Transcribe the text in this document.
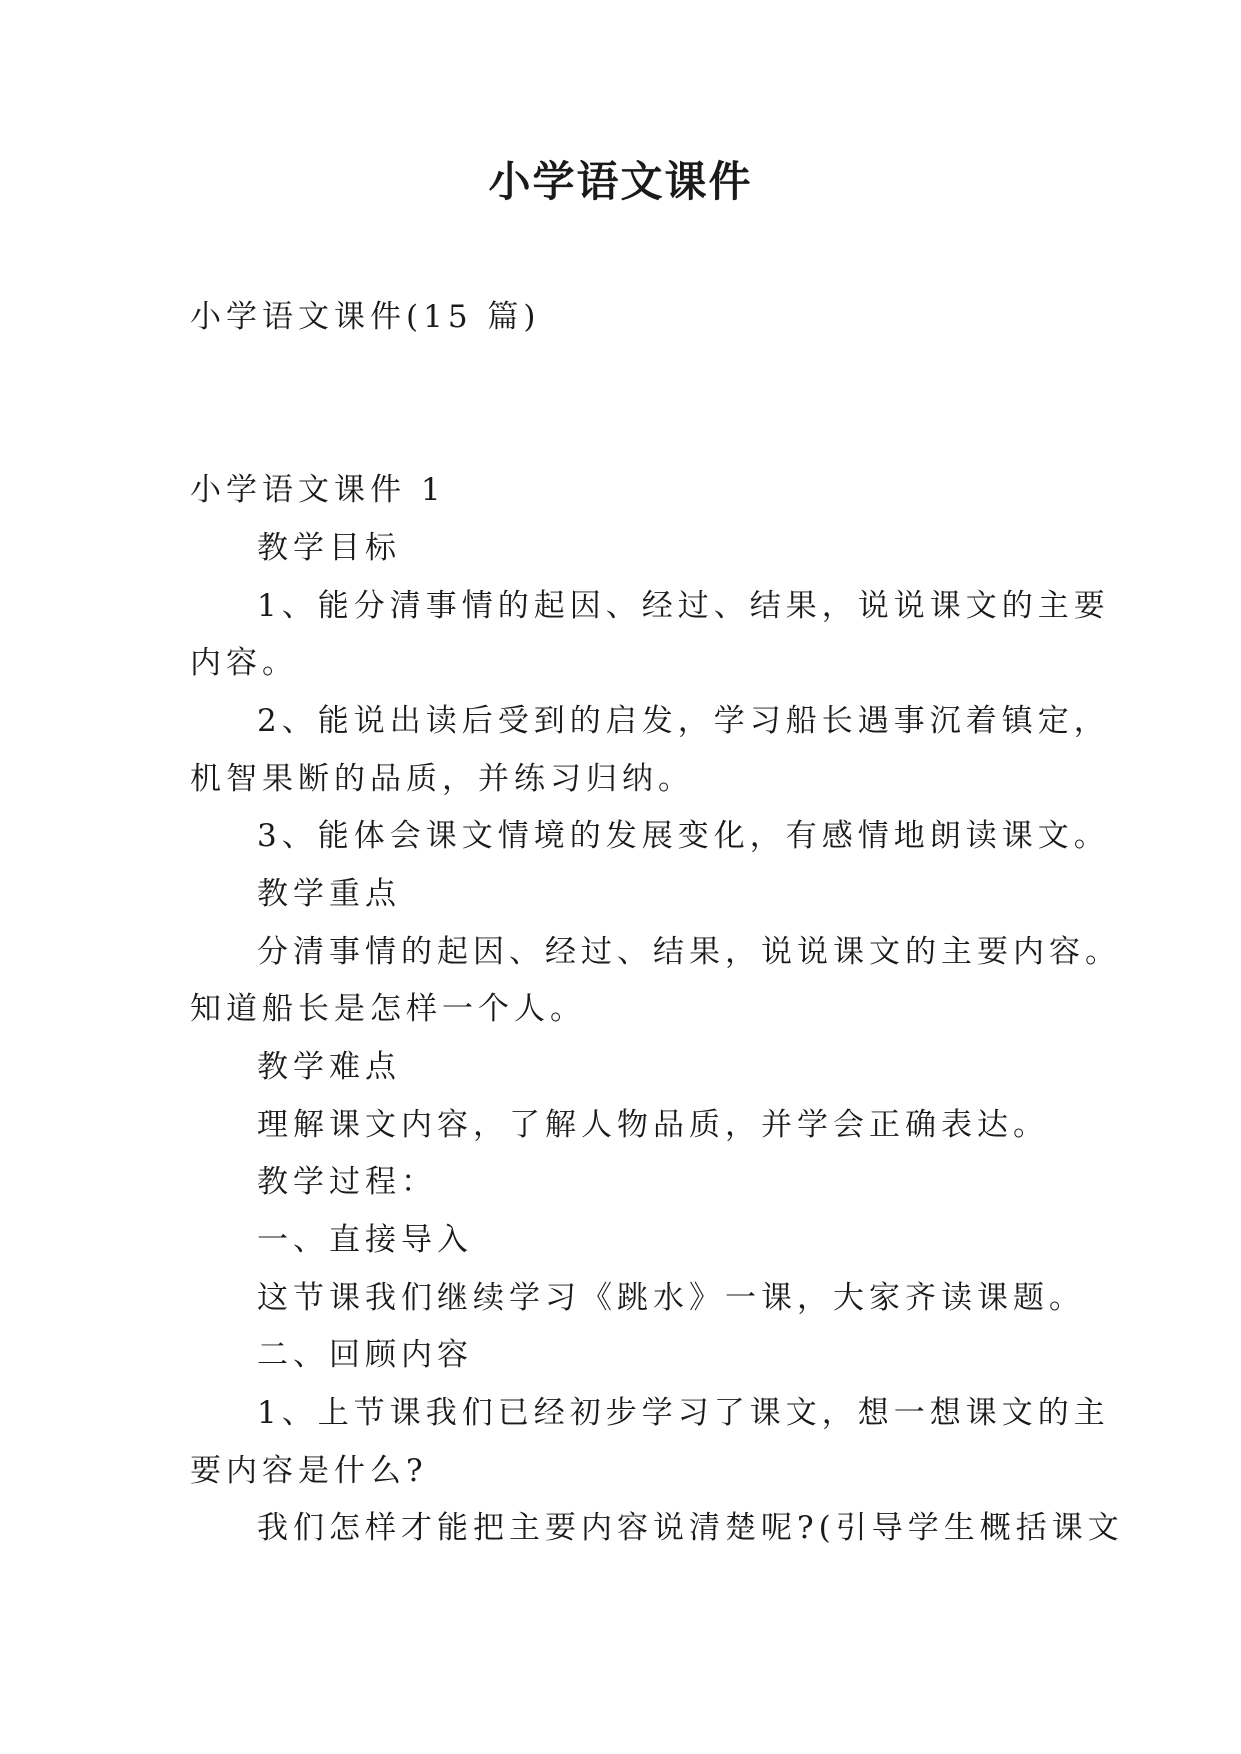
小学语文课件
小学语文课件(15 篇)
小学语文课件 1
教学目标
1、能分清事情的起因、经过、结果，说说课文的主要
内容。
2、能说出读后受到的启发，学习船长遇事沉着镇定，
机智果断的品质，并练习归纳。
3、能体会课文情境的发展变化，有感情地朗读课文。
教学重点
分清事情的起因、经过、结果，说说课文的主要内容。
知道船长是怎样一个人。
教学难点
理解课文内容，了解人物品质，并学会正确表达。
教学过程：
一、直接导入
这节课我们继续学习《跳水》一课，大家齐读课题。
二、回顾内容
1、上节课我们已经初步学习了课文，想一想课文的主
要内容是什么?
我们怎样才能把主要内容说清楚呢?(引导学生概括课文
